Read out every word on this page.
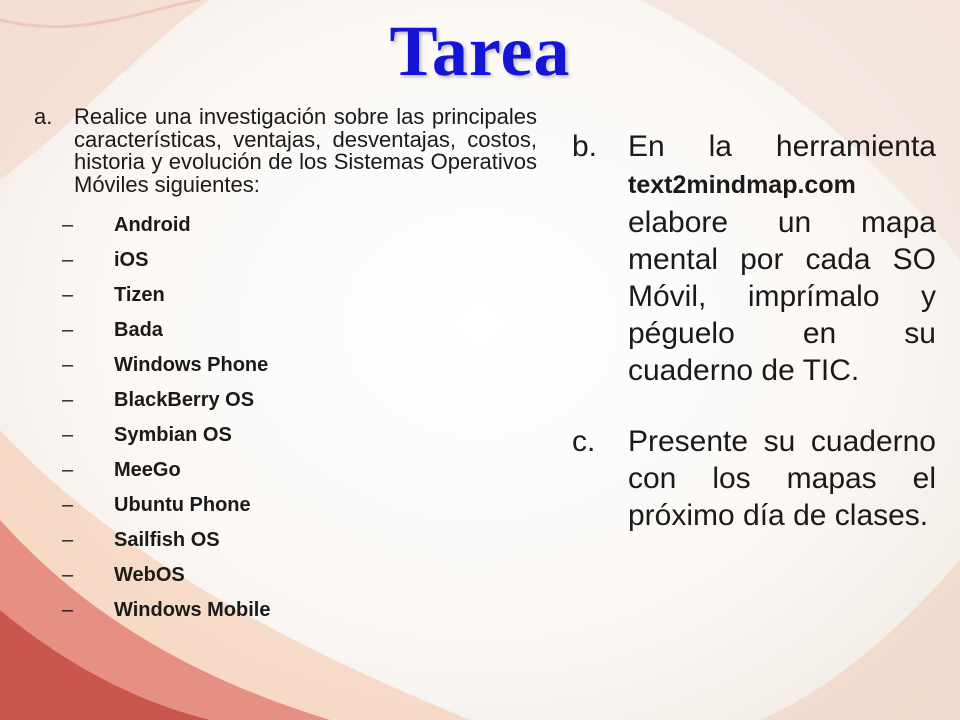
Tarea
a. Realice una investigación sobre las principales características, ventajas, desventajas, costos, historia y evolución de los Sistemas Operativos Móviles siguientes:
– Android
– iOS
– Tizen
– Bada
– Windows Phone
– BlackBerry OS
– Symbian OS
– MeeGo
– Ubuntu Phone
– Sailfish OS
– WebOS
– Windows Mobile
b. En la herramienta text2mindmap.com elabore un mapa mental por cada SO Móvil, imprímalo y péguelo en su cuaderno de TIC.
c. Presente su cuaderno con los mapas el próximo día de clases.
